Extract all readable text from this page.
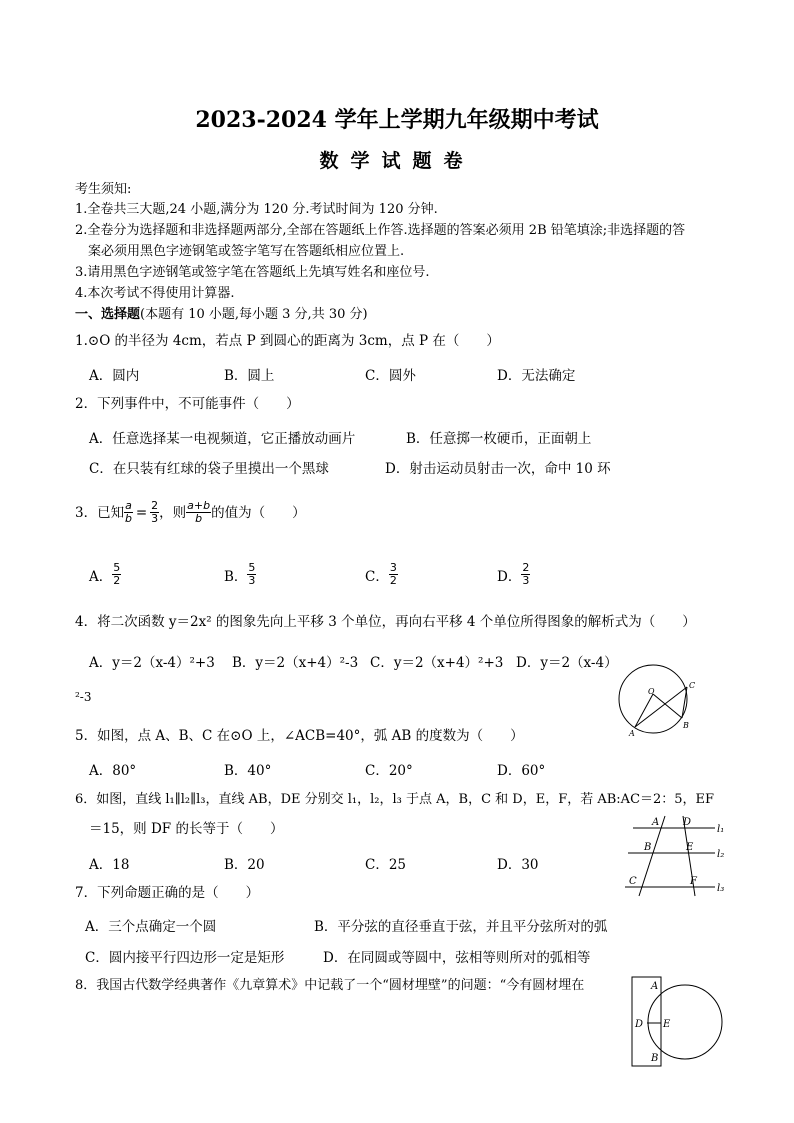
2023-2024 学年上学期九年级期中考试
数学试题卷
考生须知:
1.全卷共三大题,24 小题,满分为 120 分.考试时间为 120 分钟.
2.全卷分为选择题和非选择题两部分,全部在答题纸上作答.选择题的答案必须用 2B 铅笔填涂;非选择题的答
案必须用黑色字迹钢笔或签字笔写在答题纸相应位置上.
3.请用黑色字迹钢笔或签字笔在答题纸上先填写姓名和座位号.
4.本次考试不得使用计算器.
一、选择题(本题有 10 小题,每小题 3 分,共 30 分)
1.⊙O 的半径为 4cm，若点 P 到圆心的距离为 3cm，点 P 在（　　）
A．圆内	B．圆上	C．圆外	D．无法确定
2．下列事件中，不可能事件（　　）
A．任意选择某一电视频道，它正播放动画片	B．任意掷一枚硬币，正面朝上
C．在只装有红球的袋子里摸出一个黑球	D．射击运动员射击一次，命中 10 环
3．已知 $\frac{a}{b} = \frac{2}{3}$ ，则 $\frac{a+b}{b}$ 的值为（　　）
A． $\frac{5}{2}$	B． $\frac{5}{3}$	C． $\frac{3}{2}$	D． $\frac{2}{3}$
4．将二次函数 y＝2x² 的图象先向上平移 3 个单位，再向右平移 4 个单位所得图象的解析式为（　　）
A．y＝2（x-4）²+3 B．y＝2（x+4）²-3 C．y＝2（x+4）²+3 D．y＝2（x-4）
²-3	O
A
B
C
5．如图，点 A、B、C 在⊙O 上，∠ACB=40°，弧 AB 的度数为（　　）
A．80°	B．40°	C．20°	D．60°
6．如图，直线 l₁∥l₂∥l₃，直线 AB，DE 分别交 l₁，l₂，l₃ 于点 A，B，C 和 D，E，F，若 AB:AC＝2：5，EF
＝15，则 DF 的长等于（　　）
A．18	B．20	C．25	D．30
A D
B	E
C	F
l₁
l₂
l₃
7．下列命题正确的是（　　）
A．三个点确定一个圆	B．平分弦的直径垂直于弦，并且平分弦所对的弧
C．圆内接平行四边形一定是矩形	D．在同圆或等圆中，弦相等则所对的弧相等
8．我国古代数学经典著作《九章算术》中记载了一个“圆材埋壁”的问题：“今有圆材埋在	A
D E
B
